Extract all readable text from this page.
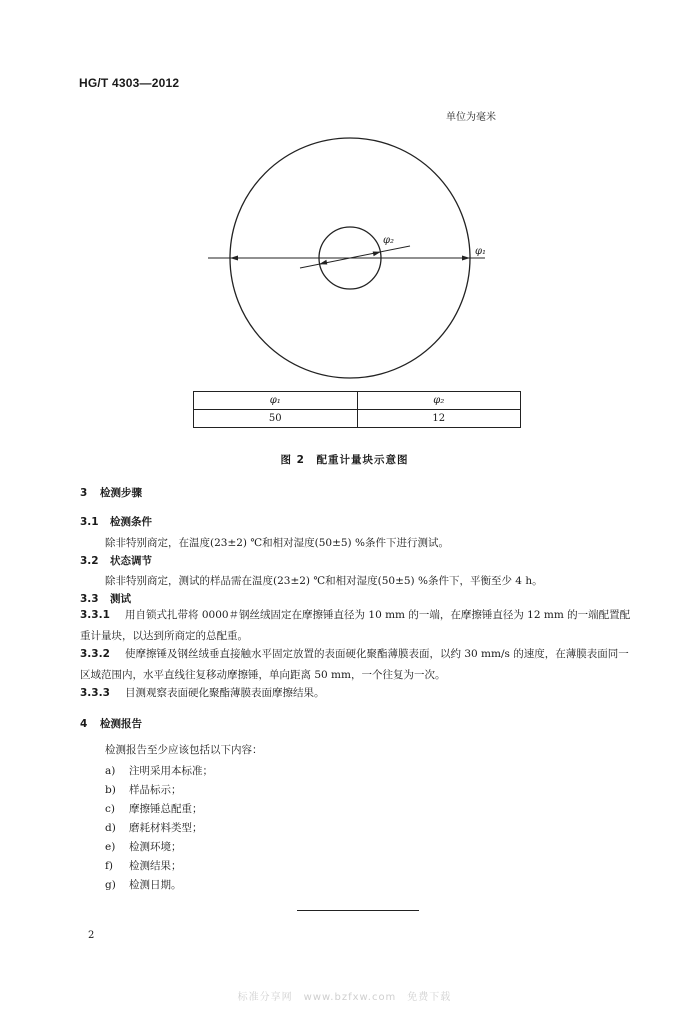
HG/T 4303—2012
单位为毫米
φ₁
φ₂
φ₁	φ₂
50	12
图 2　配重计量块示意图
3 检测步骤
3.1 检测条件
除非特别商定，在温度(23±2) ℃和相对湿度(50±5) %条件下进行测试。
3.2 状态调节
除非特别商定，测试的样品需在温度(23±2) ℃和相对湿度(50±5) %条件下，平衡至少 4 h。
3.3 测试
3.3.1 用自锁式扎带将 0000＃钢丝绒固定在摩擦锤直径为 10 mm 的一端，在摩擦锤直径为 12 mm 的一端配置配重计量块，以达到所商定的总配重。
3.3.2 使摩擦锤及钢丝绒垂直接触水平固定放置的表面硬化聚酯薄膜表面，以约 30 mm/s 的速度，在薄膜表面同一区域范围内，水平直线往复移动摩擦锤，单向距离 50 mm，一个往复为一次。
3.3.3 目测观察表面硬化聚酯薄膜表面摩擦结果。
4 检测报告
检测报告至少应该包括以下内容：
a) 注明采用本标准；
b) 样品标示；
c) 摩擦锤总配重；
d) 磨耗材料类型；
e) 检测环境；
f) 检测结果；
g) 检测日期。
2
标准分享网　www.bzfxw.com　免费下载
